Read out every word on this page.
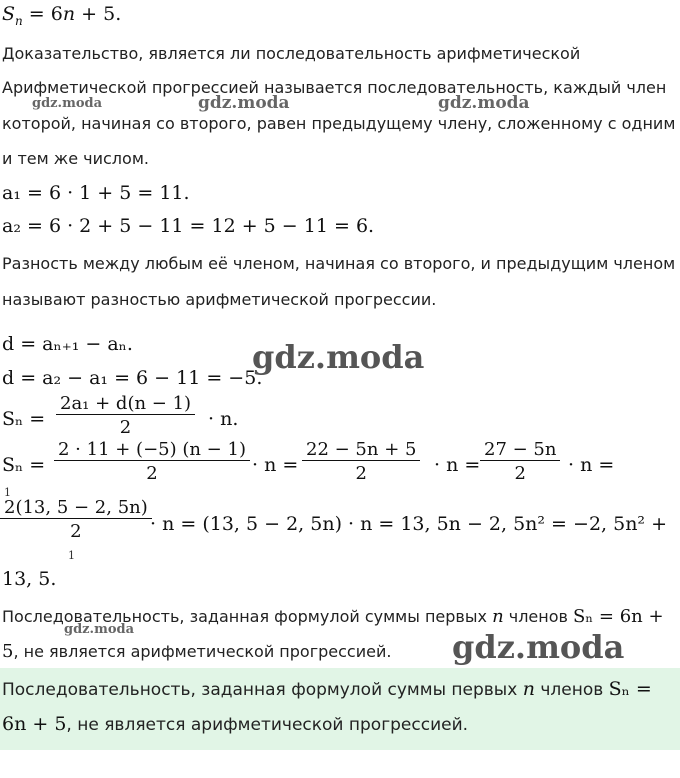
$S_n = 6n + 5$.
Доказательство, является ли последовательность арифметической
Арифметической прогрессией называется последовательность, каждый член
которой, начиная со второго, равен предыдущему члену, сложенному с одним
и тем же числом.
a₁ = 6 · 1 + 5 = 11.
a₂ = 6 · 2 + 5 − 11 = 12 + 5 − 11 = 6.
Разность между любым её членом, начиная со второго, и предыдущим членом
называют разностью арифметической прогрессии.
d = aₙ₊₁ − aₙ.
d = a₂ − a₁ = 6 − 11 = −5.
$S_n = \frac{\text{2a₁ + d(n − 1)}}{2} \cdot n$.
$S_n = \frac{2 \cdot 11 + (-5) (n - 1)}{2} \cdot n = \frac{22 - 5n + 5}{2} \cdot n = \frac{27 - 5n}{2} \cdot n$ =
1
$\frac{2(13, 5 - 2, 5n)}{2}$
1
· n = (13, 5 − 2, 5n) · n = 13, 5n − 2, 5n² = −2, 5n² +
13, 5.
Последовательность, заданная формулой суммы первых n членов Sₙ = 6n +
5, не является арифметической прогрессией.
Последовательность, заданная формулой суммы первых n членов Sₙ =
6n + 5, не является арифметической прогрессией.
gdz.moda	gdz.moda	gdz.moda
gdz.moda
gdz.moda	gdz.moda
